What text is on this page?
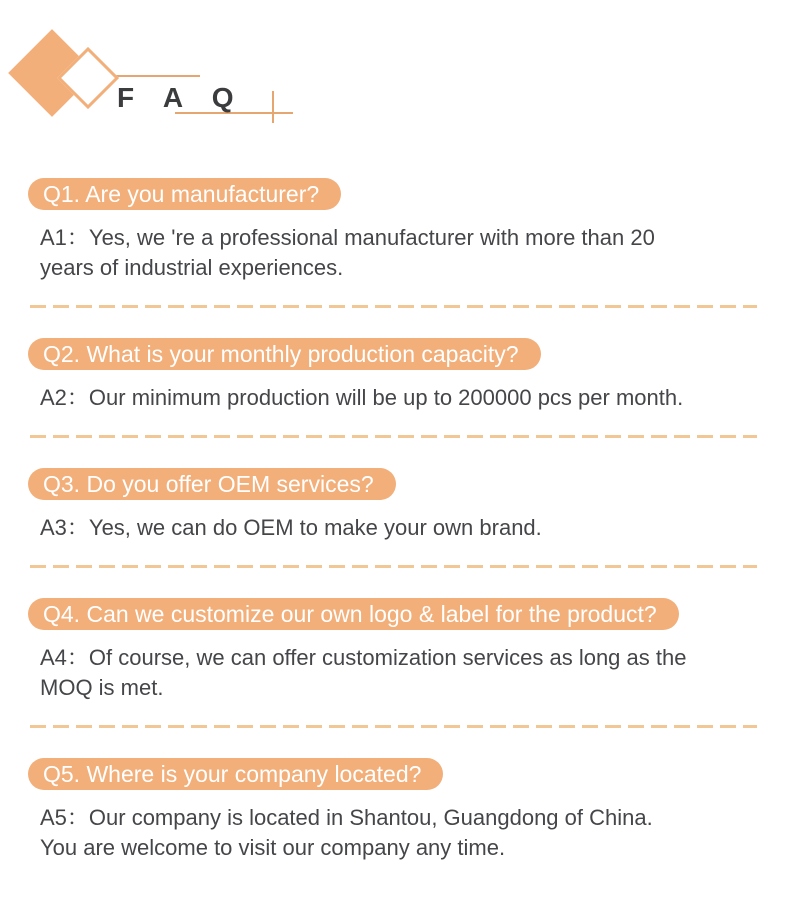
F A Q
Q1. Are you manufacturer?
A1：Yes, we 're a professional manufacturer with more than 20
years of industrial experiences.
Q2. What is your monthly production capacity?
A2：Our minimum production will be up to 200000 pcs per month.
Q3. Do you offer OEM services?
A3：Yes, we can do OEM to make your own brand.
Q4. Can we customize our own logo & label for the product?
A4：Of course, we can offer customization services as long as the
MOQ is met.
Q5. Where is your company located?
A5：Our company is located in Shantou, Guangdong of China.
You are welcome to visit our company any time.
